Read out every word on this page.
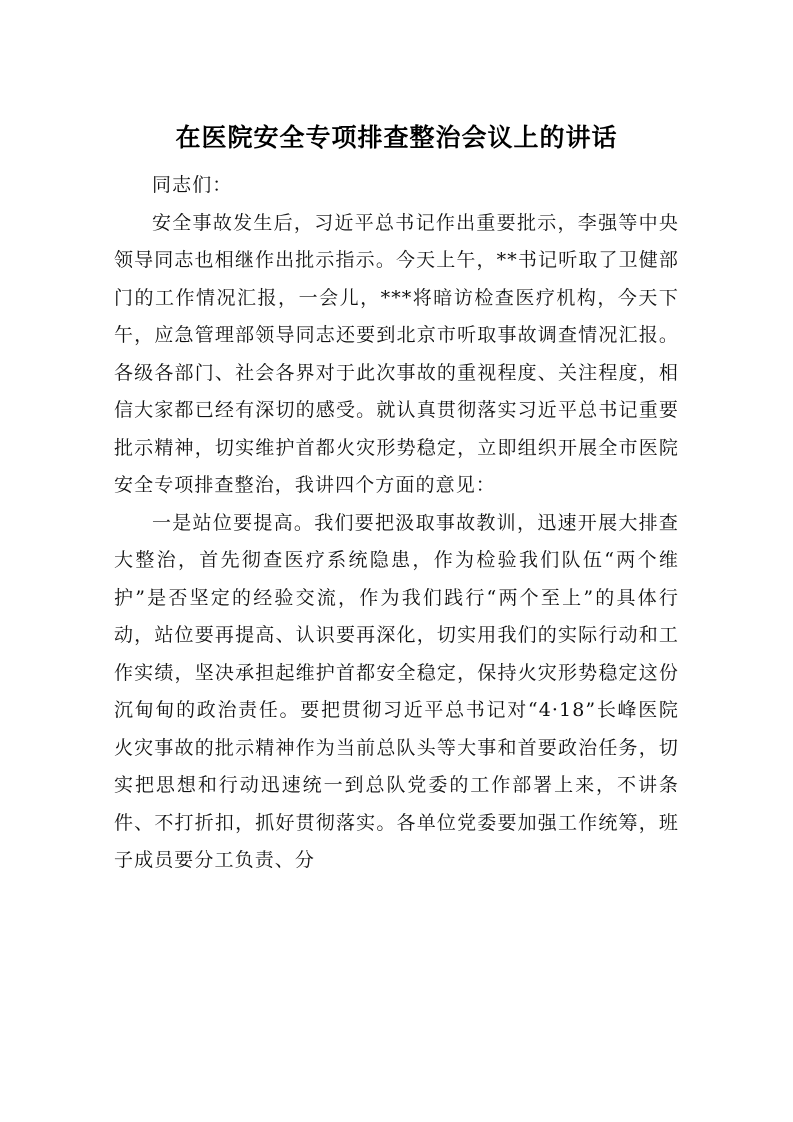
在医院安全专项排查整治会议上的讲话

同志们：

安全事故发生后，习近平总书记作出重要批示，李强等中央领导同志也相继作出批示指示。今天上午，**书记听取了卫健部门的工作情况汇报，一会儿，***将暗访检查医疗机构，今天下午，应急管理部领导同志还要到北京市听取事故调查情况汇报。各级各部门、社会各界对于此次事故的重视程度、关注程度，相信大家都已经有深切的感受。就认真贯彻落实习近平总书记重要批示精神，切实维护首都火灾形势稳定，立即组织开展全市医院安全专项排查整治，我讲四个方面的意见：

一是站位要提高。我们要把汲取事故教训，迅速开展大排查大整治，首先彻查医疗系统隐患，作为检验我们队伍“两个维护”是否坚定的经验交流，作为我们践行“两个至上”的具体行动，站位要再提高、认识要再深化，切实用我们的实际行动和工作实绩，坚决承担起维护首都安全稳定，保持火灾形势稳定这份沉甸甸的政治责任。要把贯彻习近平总书记对“4·18”长峰医院火灾事故的批示精神作为当前总队头等大事和首要政治任务，切实把思想和行动迅速统一到总队党委的工作部署上来，不讲条件、不打折扣，抓好贯彻落实。各单位党委要加强工作统筹，班子成员要分工负责、分
